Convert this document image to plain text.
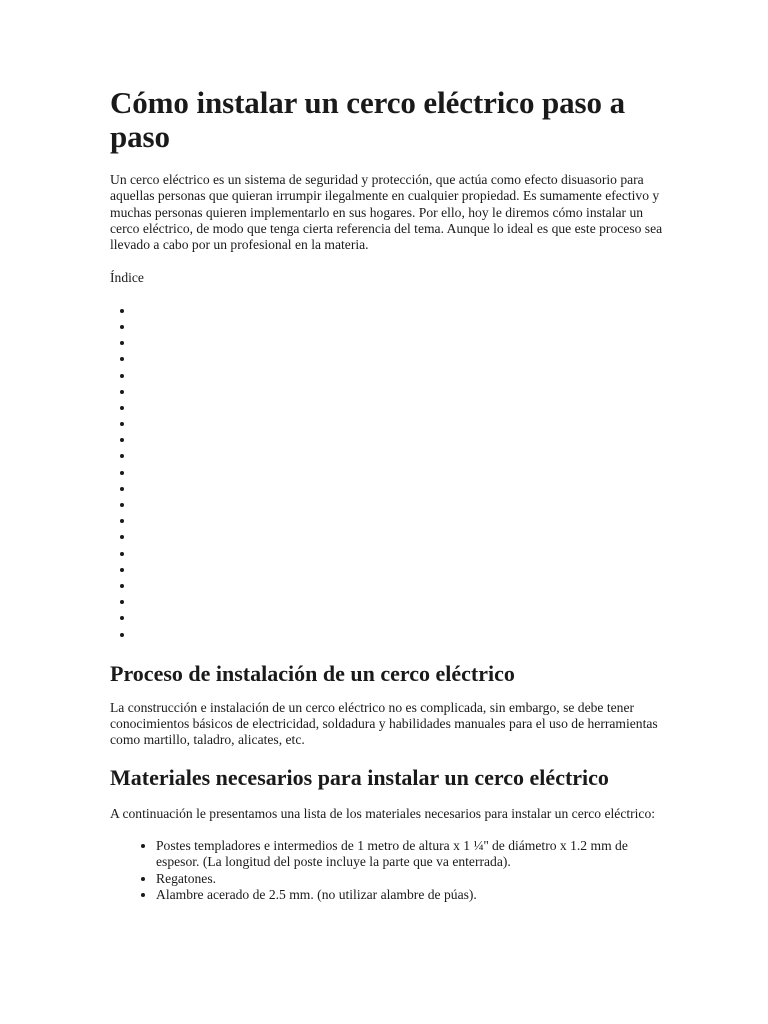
Cómo instalar un cerco eléctrico paso a paso

Un cerco eléctrico es un sistema de seguridad y protección, que actúa como efecto disuasorio para aquellas personas que quieran irrumpir ilegalmente en cualquier propiedad. Es sumamente efectivo y muchas personas quieren implementarlo en sus hogares. Por ello, hoy le diremos cómo instalar un cerco eléctrico, de modo que tenga cierta referencia del tema. Aunque lo ideal es que este proceso sea llevado a cabo por un profesional en la materia.

Índice

•
•
•
•
•
•
•
•
•
•
•
•
•
•
•
•
•
•
•
•
•
Proceso de instalación de un cerco eléctrico

La construcción e instalación de un cerco eléctrico no es complicada, sin embargo, se debe tener conocimientos básicos de electricidad, soldadura y habilidades manuales para el uso de herramientas como martillo, taladro, alicates, etc.

Materiales necesarios para instalar un cerco eléctrico

A continuación le presentamos una lista de los materiales necesarios para instalar un cerco eléctrico:

• Postes templadores e intermedios de 1 metro de altura x 1 ¼'' de diámetro x 1.2 mm de espesor. (La longitud del poste incluye la parte que va enterrada).
• Regatones.
• Alambre acerado de 2.5 mm. (no utilizar alambre de púas).
